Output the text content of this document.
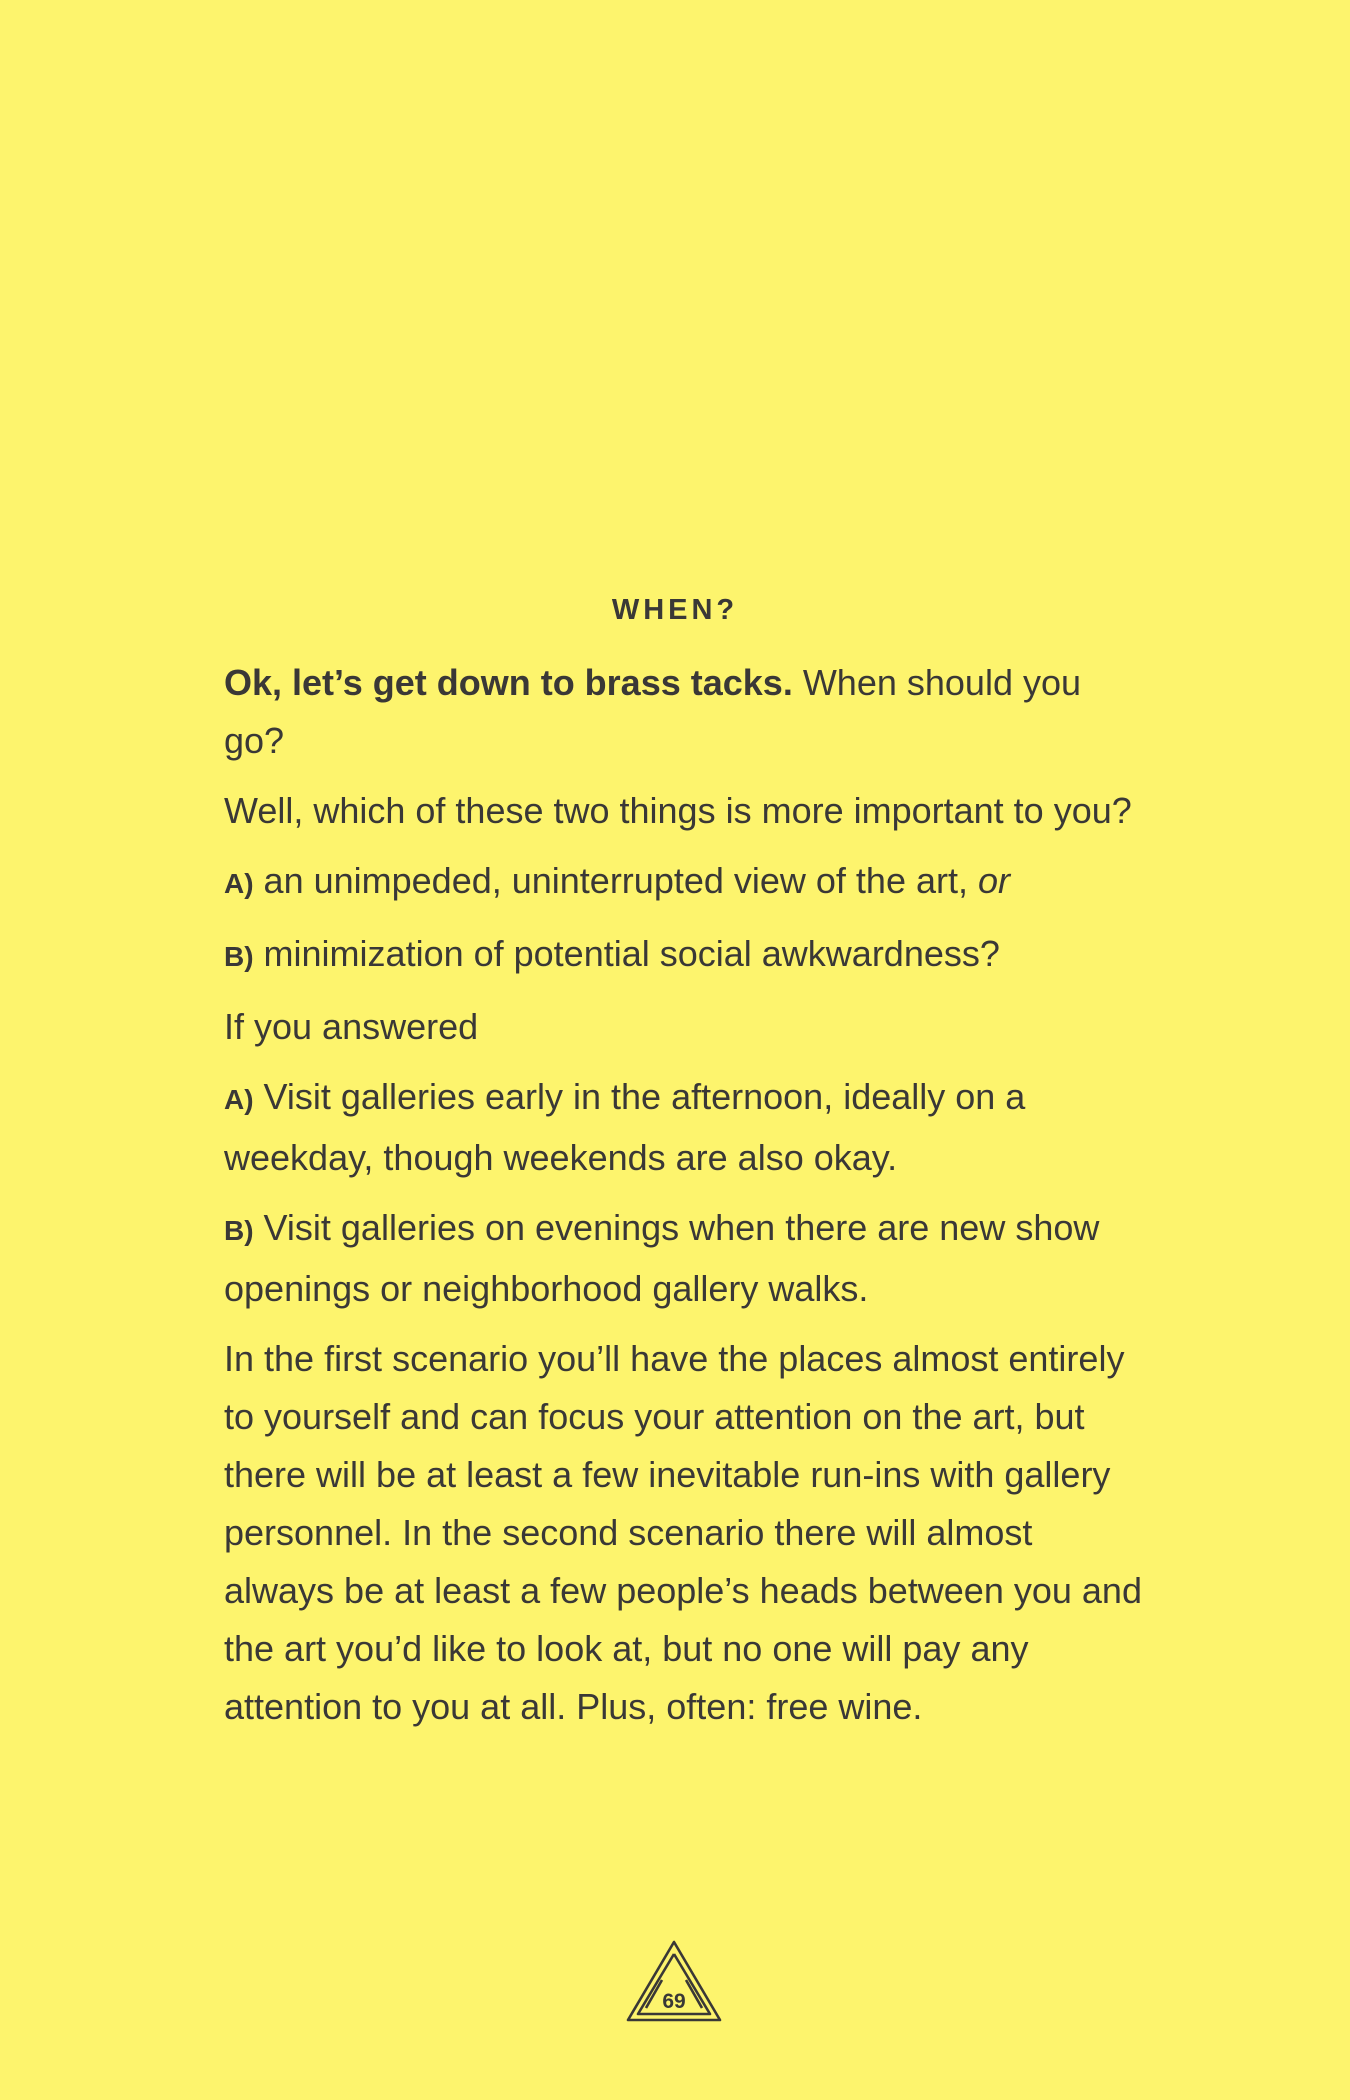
WHEN?

Ok, let’s get down to brass tacks. When should you go?

Well, which of these two things is more important to you?

A) an unimpeded, uninterrupted view of the art, or

B) minimization of potential social awkwardness?

If you answered

A) Visit galleries early in the afternoon, ideally on a weekday, though weekends are also okay.

B) Visit galleries on evenings when there are new show openings or neighborhood gallery walks.

In the first scenario you’ll have the places almost entirely to yourself and can focus your attention on the art, but there will be at least a few inevitable run-ins with gallery personnel. In the second scenario there will almost always be at least a few people’s heads between you and the art you’d like to look at, but no one will pay any attention to you at all. Plus, often: free wine.

69
